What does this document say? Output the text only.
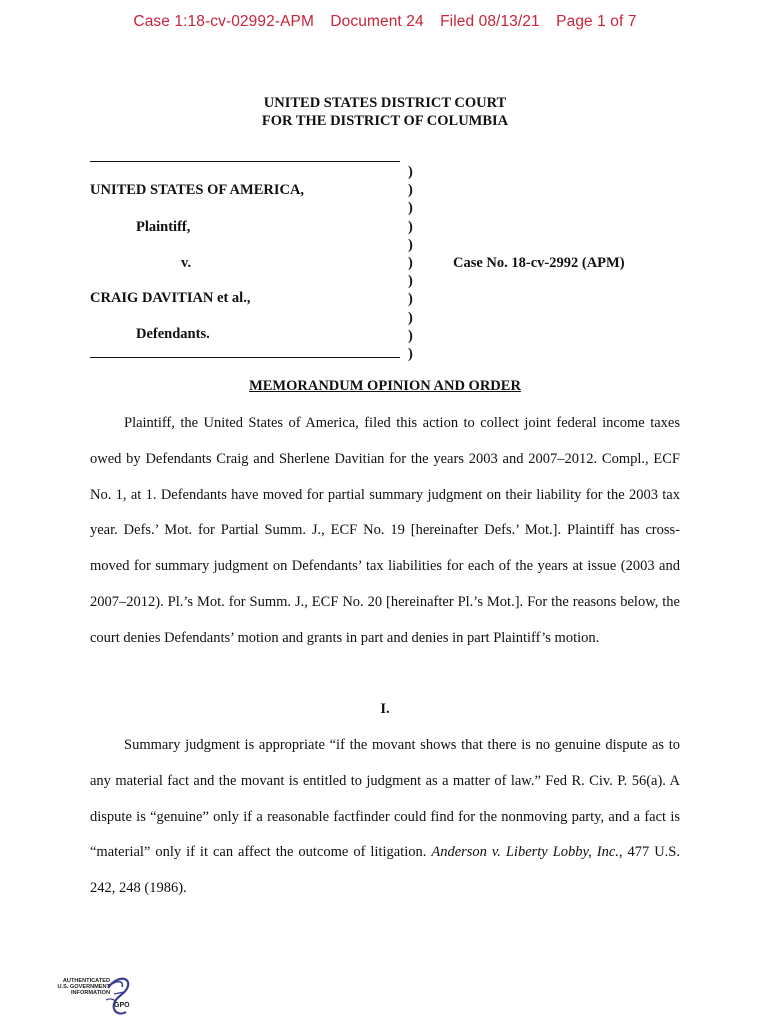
Case 1:18-cv-02992-APM Document 24 Filed 08/13/21 Page 1 of 7
UNITED STATES DISTRICT COURT
FOR THE DISTRICT OF COLUMBIA
UNITED STATES OF AMERICA,
Plaintiff,
v.
CRAIG DAVITIAN et al.,
Defendants.
Case No. 18-cv-2992 (APM)
)
)
)
)
)
)
)
)
)
)
)
MEMORANDUM OPINION AND ORDER
Plaintiff, the United States of America, filed this action to collect joint federal income taxes owed by Defendants Craig and Sherlene Davitian for the years 2003 and 2007–2012. Compl., ECF No. 1, at 1. Defendants have moved for partial summary judgment on their liability for the 2003 tax year. Defs.’ Mot. for Partial Summ. J., ECF No. 19 [hereinafter Defs.’ Mot.]. Plaintiff has cross-moved for summary judgment on Defendants’ tax liabilities for each of the years at issue (2003 and 2007–2012). Pl.’s Mot. for Summ. J., ECF No. 20 [hereinafter Pl.’s Mot.]. For the reasons below, the court denies Defendants’ motion and grants in part and denies in part Plaintiff’s motion.
I.
Summary judgment is appropriate “if the movant shows that there is no genuine dispute as to any material fact and the movant is entitled to judgment as a matter of law.” Fed R. Civ. P. 56(a). A dispute is “genuine” only if a reasonable factfinder could find for the nonmoving party, and a fact is “material” only if it can affect the outcome of litigation. Anderson v. Liberty Lobby, Inc., 477 U.S. 242, 248 (1986).
AUTHENTICATED
U.S. GOVERNMENT
INFORMATION
GPO
